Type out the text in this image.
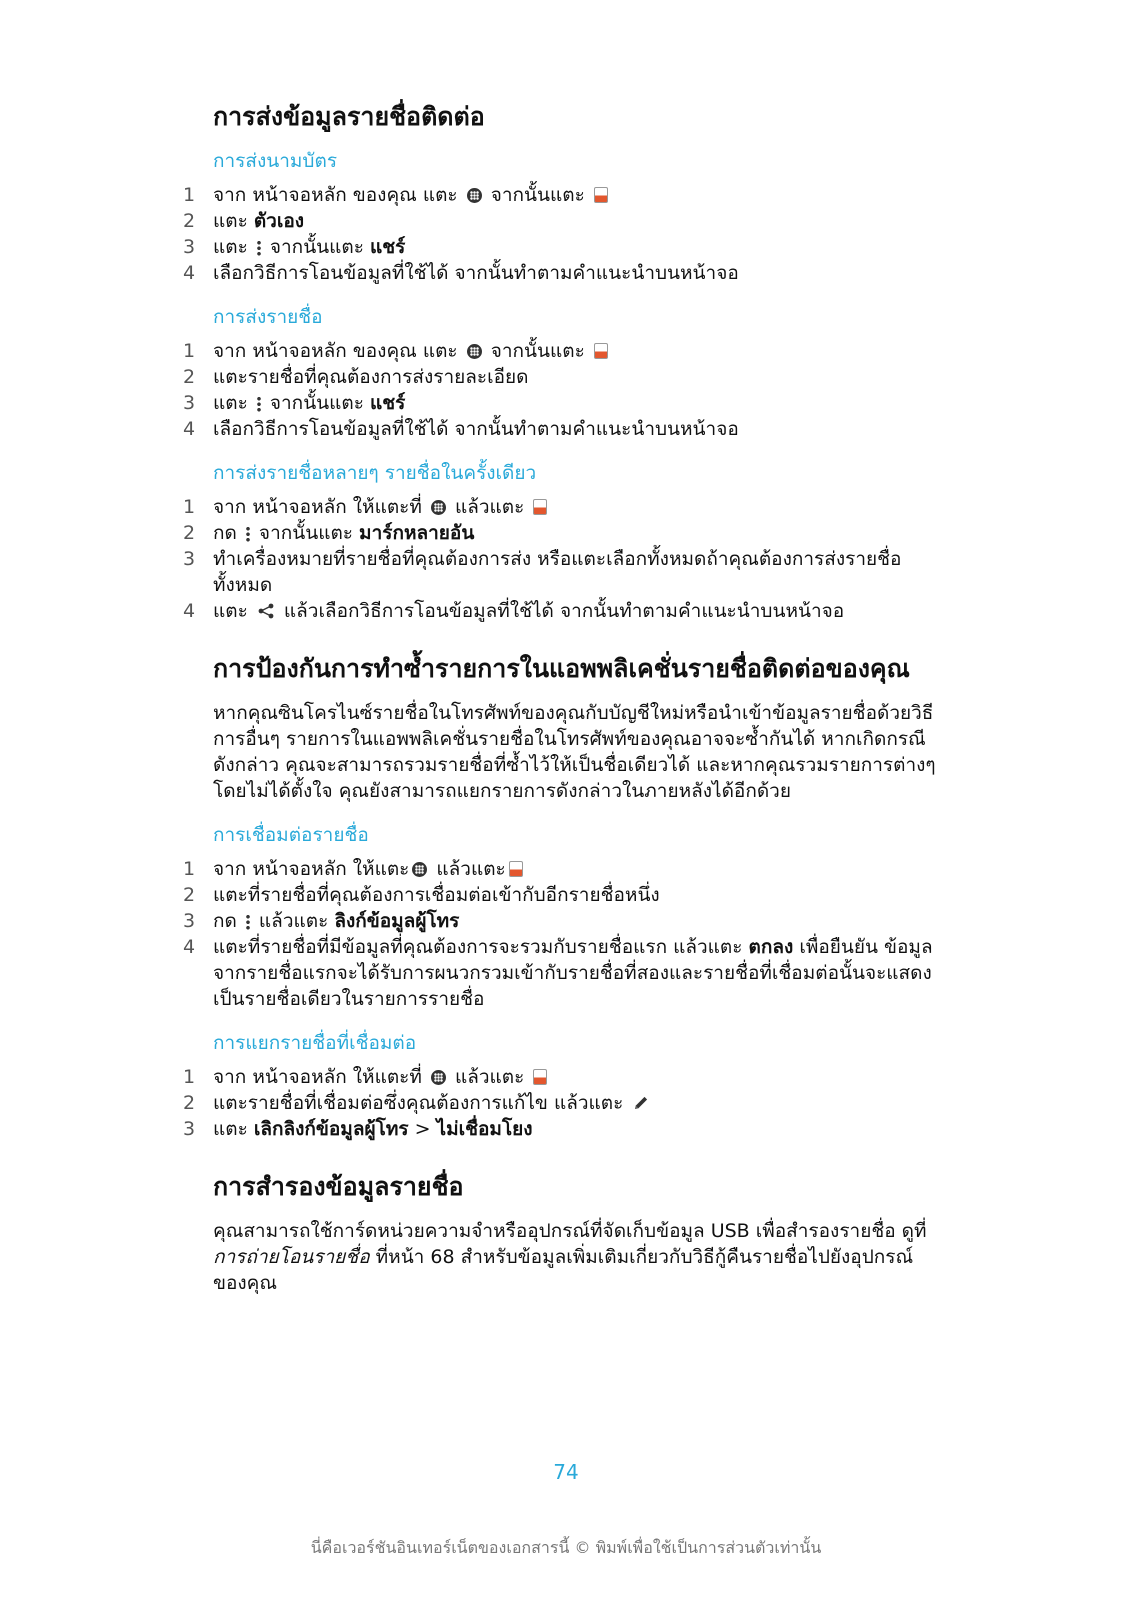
การส่งข้อมูลรายชื่อติดต่อ
การส่งนามบัตร
1 จาก หน้าจอหลัก ของคุณ แตะ  จากนั้นแตะ
2 แตะ ตัวเอง
3 แตะ  จากนั้นแตะ แชร์
4 เลือกวิธีการโอนข้อมูลที่ใช้ได้ จากนั้นทำตามคำแนะนำบนหน้าจอ
การส่งรายชื่อ
1 จาก หน้าจอหลัก ของคุณ แตะ  จากนั้นแตะ
2 แตะรายชื่อที่คุณต้องการส่งรายละเอียด
3 แตะ  จากนั้นแตะ แชร์
4 เลือกวิธีการโอนข้อมูลที่ใช้ได้ จากนั้นทำตามคำแนะนำบนหน้าจอ
การส่งรายชื่อหลายๆ รายชื่อในครั้งเดียว
1 จาก หน้าจอหลัก ให้แตะที่  แล้วแตะ
2 กด  จากนั้นแตะ มาร์กหลายอัน
3 ทำเครื่องหมายที่รายชื่อที่คุณต้องการส่ง หรือแตะเลือกทั้งหมดถ้าคุณต้องการส่งรายชื่อทั้งหมด
4 แตะ  แล้วเลือกวิธีการโอนข้อมูลที่ใช้ได้ จากนั้นทำตามคำแนะนำบนหน้าจอ
การป้องกันการทำซ้ำรายการในแอพพลิเคชั่นรายชื่อติดต่อของคุณ

หากคุณซินโครไนซ์รายชื่อในโทรศัพท์ของคุณกับบัญชีใหม่หรือนำเข้าข้อมูลรายชื่อด้วยวิธีการอื่นๆ รายการในแอพพลิเคชั่นรายชื่อในโทรศัพท์ของคุณอาจจะซ้ำกันได้ หากเกิดกรณีดังกล่าว คุณจะสามารถรวมรายชื่อที่ซ้ำไว้ให้เป็นชื่อเดียวได้ และหากคุณรวมรายการต่างๆ โดยไม่ได้ตั้งใจ คุณยังสามารถแยกรายการดังกล่าวในภายหลังได้อีกด้วย

การเชื่อมต่อรายชื่อ
1 จาก หน้าจอหลัก ให้แตะ แล้วแตะ
2 แตะที่รายชื่อที่คุณต้องการเชื่อมต่อเข้ากับอีกรายชื่อหนึ่ง
3 กด  แล้วแตะ ลิงก์ข้อมูลผู้โทร
4 แตะที่รายชื่อที่มีข้อมูลที่คุณต้องการจะรวมกับรายชื่อแรก แล้วแตะ ตกลง เพื่อยืนยัน ข้อมูลจากรายชื่อแรกจะได้รับการผนวกรวมเข้ากับรายชื่อที่สองและรายชื่อที่เชื่อมต่อนั้นจะแสดงเป็นรายชื่อเดียวในรายการรายชื่อ
การแยกรายชื่อที่เชื่อมต่อ
1 จาก หน้าจอหลัก ให้แตะที่  แล้วแตะ
2 แตะรายชื่อที่เชื่อมต่อซึ่งคุณต้องการแก้ไข แล้วแตะ
3 แตะ เลิกลิงก์ข้อมูลผู้โทร > ไม่เชื่อมโยง
การสำรองข้อมูลรายชื่อ

คุณสามารถใช้การ์ดหน่วยความจำหรืออุปกรณ์ที่จัดเก็บข้อมูล USB เพื่อสำรองรายชื่อ ดูที่ การถ่ายโอนรายชื่อ ที่หน้า 68 สำหรับข้อมูลเพิ่มเติมเกี่ยวกับวิธีกู้คืนรายชื่อไปยังอุปกรณ์ของคุณ

74
นี่คือเวอร์ชันอินเทอร์เน็ตของเอกสารนี้ © พิมพ์เพื่อใช้เป็นการส่วนตัวเท่านั้น
